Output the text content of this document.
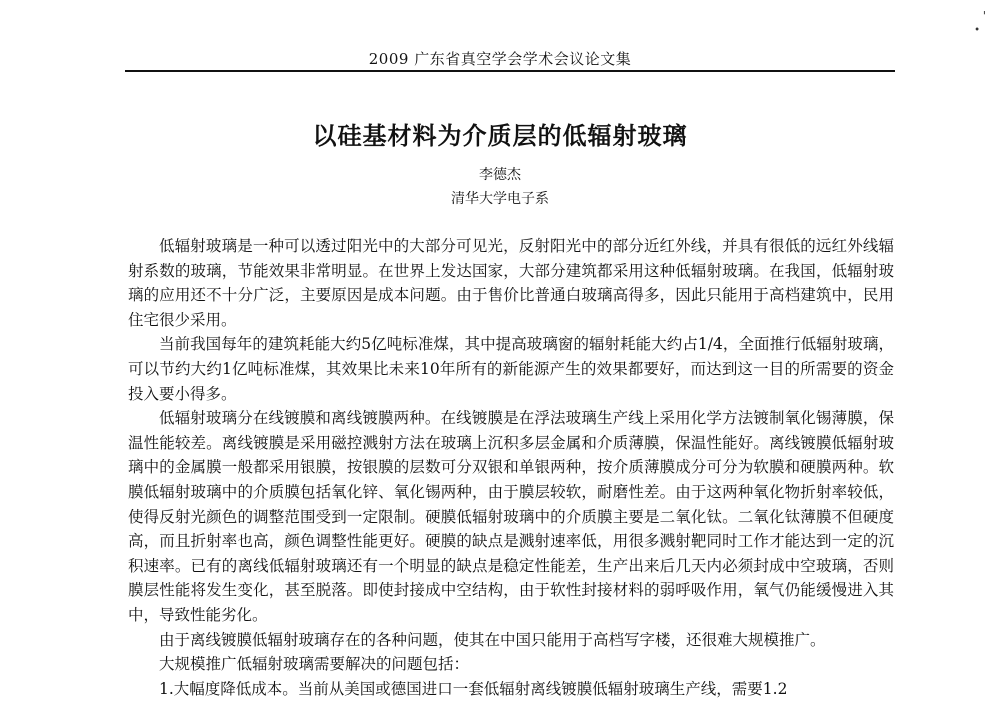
'
•
2009 广东省真空学会学术会议论文集
以硅基材料为介质层的低辐射玻璃
李德杰
清华大学电子系

低辐射玻璃是一种可以透过阳光中的大部分可见光，反射阳光中的部分近红外线，并具有很低的远红外线辐射系数的玻璃，节能效果非常明显。在世界上发达国家，大部分建筑都采用这种低辐射玻璃。在我国，低辐射玻璃的应用还不十分广泛，主要原因是成本问题。由于售价比普通白玻璃高得多，因此只能用于高档建筑中，民用住宅很少采用。

当前我国每年的建筑耗能大约5亿吨标准煤，其中提高玻璃窗的辐射耗能大约占1/4，全面推行低辐射玻璃，可以节约大约1亿吨标准煤，其效果比未来10年所有的新能源产生的效果都要好，而达到这一目的所需要的资金投入要小得多。

低辐射玻璃分在线镀膜和离线镀膜两种。在线镀膜是在浮法玻璃生产线上采用化学方法镀制氧化锡薄膜，保温性能较差。离线镀膜是采用磁控溅射方法在玻璃上沉积多层金属和介质薄膜，保温性能好。离线镀膜低辐射玻璃中的金属膜一般都采用银膜，按银膜的层数可分双银和单银两种，按介质薄膜成分可分为软膜和硬膜两种。软膜低辐射玻璃中的介质膜包括氧化锌、氧化锡两种，由于膜层较软，耐磨性差。由于这两种氧化物折射率较低，使得反射光颜色的调整范围受到一定限制。硬膜低辐射玻璃中的介质膜主要是二氧化钛。二氧化钛薄膜不但硬度高，而且折射率也高，颜色调整性能更好。硬膜的缺点是溅射速率低，用很多溅射靶同时工作才能达到一定的沉积速率。已有的离线低辐射玻璃还有一个明显的缺点是稳定性能差，生产出来后几天内必须封成中空玻璃，否则膜层性能将发生变化，甚至脱落。即使封接成中空结构，由于软性封接材料的弱呼吸作用，氧气仍能缓慢进入其中，导致性能劣化。

由于离线镀膜低辐射玻璃存在的各种问题，使其在中国只能用于高档写字楼，还很难大规模推广。

大规模推广低辐射玻璃需要解决的问题包括：

1.大幅度降低成本。当前从美国或德国进口一套低辐射离线镀膜低辐射玻璃生产线，需要1.2
